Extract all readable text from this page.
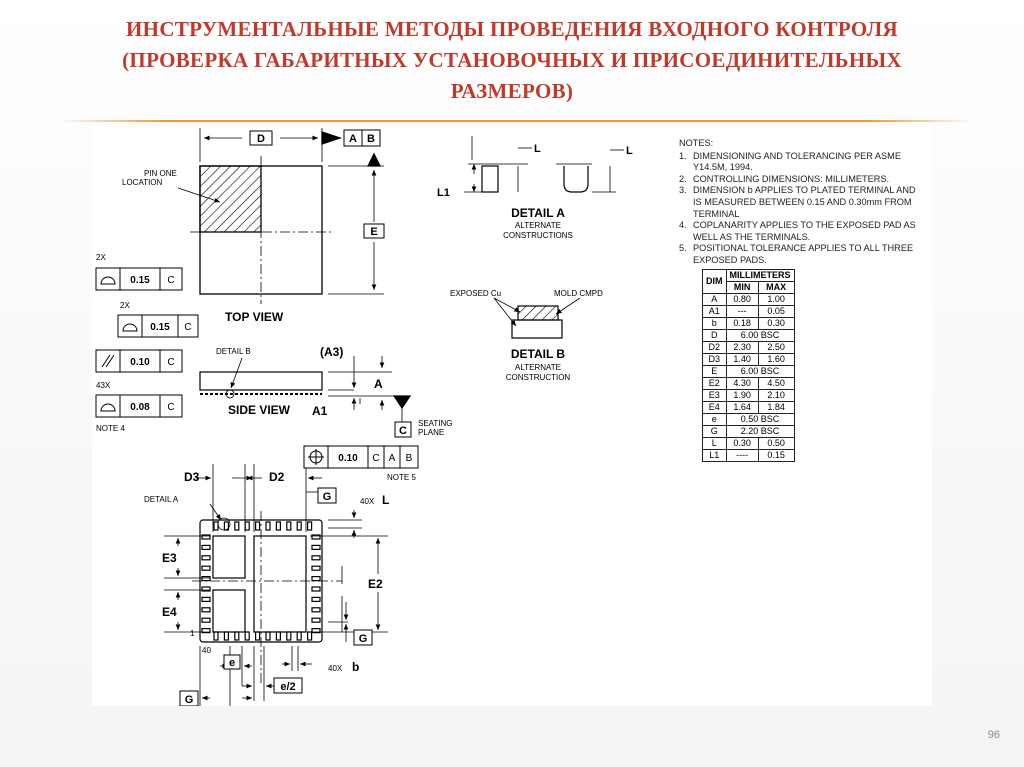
ИНСТРУМЕНТАЛЬНЫЕ МЕТОДЫ ПРОВЕДЕНИЯ ВХОДНОГО КОНТРОЛЯ
(ПРОВЕРКА ГАБАРИТНЫХ УСТАНОВОЧНЫХ И ПРИСОЕДИНИТЕЛЬНЫХ
РАЗМЕРОВ)
D	A B
E
PIN ONE
LOCATION
TOP VIEW
2X
0.15 C
2X
0.15 C
DETAIL B	(A3)
A
A1
SIDE VIEW
C
SEATING
PLANE
0.10 C
43X
0.08 C
NOTE 4
0.10 C A B
NOTE 5
D3	D2
G	40X L
DETAIL A
E3
E4
E2
G
1
40
e	40X b
e/2
G
L	L
L1
DETAIL A
ALTERNATE
CONSTRUCTIONS
EXPOSED Cu	MOLD CMPD
DETAIL B
ALTERNATE
CONSTRUCTION
NOTES:
1. DIMENSIONING AND TOLERANCING PER ASME Y14.5M, 1994.
2. CONTROLLING DIMENSIONS: MILLIMETERS.
3. DIMENSION b APPLIES TO PLATED TERMINAL AND IS MEASURED BETWEEN 0.15 AND 0.30mm FROM TERMINAL
4. COPLANARITY APPLIES TO THE EXPOSED PAD AS WELL AS THE TERMINALS.
5. POSITIONAL TOLERANCE APPLIES TO ALL THREE EXPOSED PADS.
DIM	MILLIMETERS	
	MIN	MAX
A	0.80	1.00
A1	---	0.05
b	0.18	0.30
D	6.00 BSC	
D2	2.30	2.50
D3	1.40	1.60
E	6.00 BSC	
E2	4.30	4.50
E3	1.90	2.10
E4	1.64	1.84
e	0.50 BSC	
G	2.20 BSC	
L	0.30	0.50
L1	----	0.15
96
